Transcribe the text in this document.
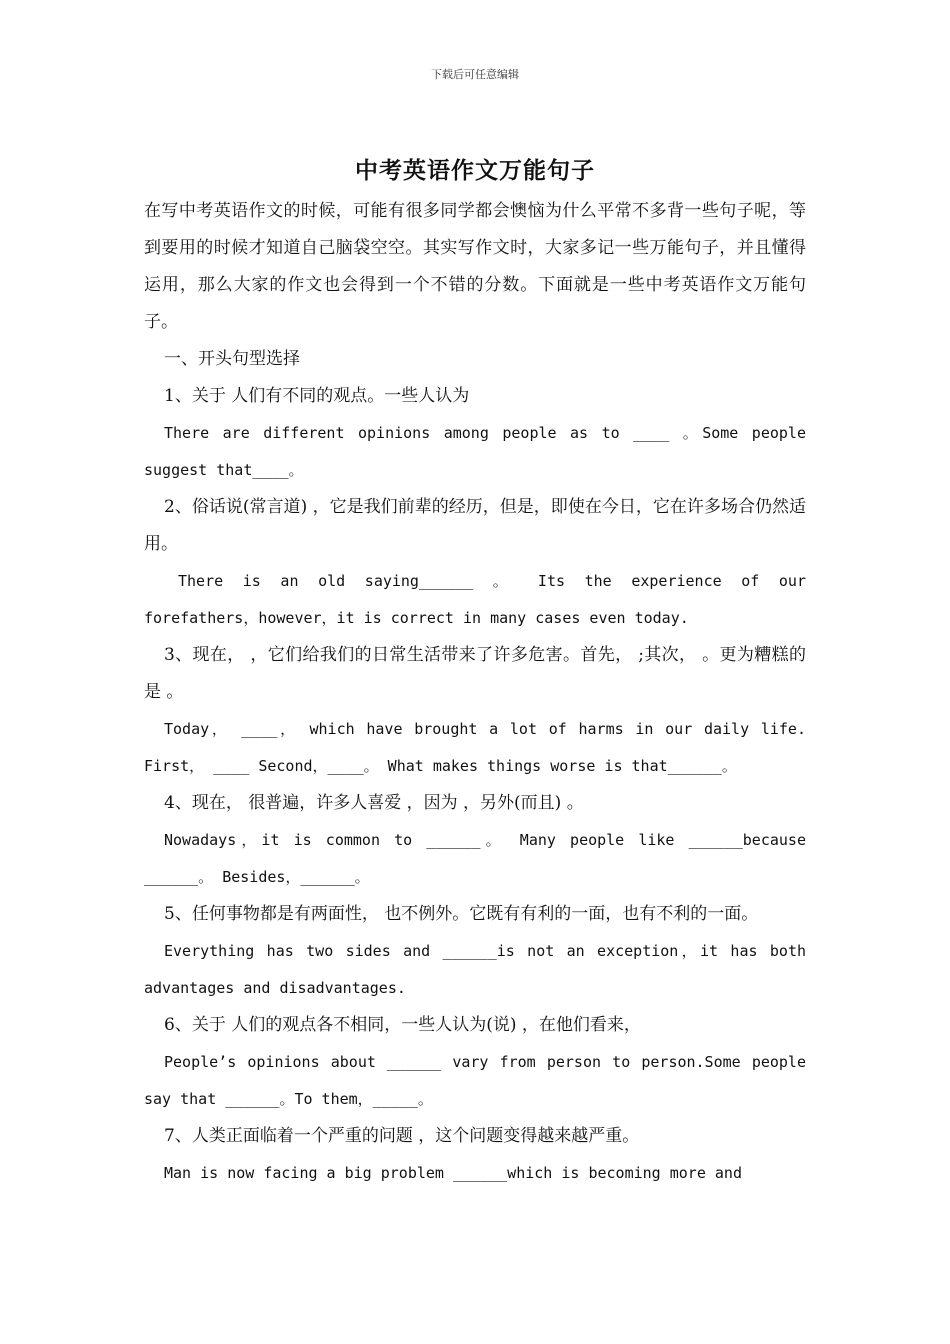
下载后可任意编辑
中考英语作文万能句子

在写中考英语作文的时候，可能有很多同学都会懊恼为什么平常不多背一些句子呢，等到要用的时候才知道自己脑袋空空。其实写作文时，大家多记一些万能句子，并且懂得运用，那么大家的作文也会得到一个不错的分数。下面就是一些中考英语作文万能句子。

一、开头句型选择

1、关于 人们有不同的观点。一些人认为

There are different opinions among people as to ____ 。Some people suggest that____。

2、俗话说(常言道) ，它是我们前辈的经历，但是，即使在今日，它在许多场合仍然适用。

There is an old saying______ 。 Its the experience of our forefathers，however，it is correct in many cases even today.

3、现在， ，它们给我们的日常生活带来了许多危害。首先， ;其次， 。更为糟糕的是 。

Today， ____， which have brought a lot of harms in our daily life. First， ____ Second，____。 What makes things worse is that______。

4、现在， 很普遍，许多人喜爱 ，因为 ，另外(而且) 。

Nowadays，it is common to ______。 Many people like ______because ______。 Besides，______。

5、任何事物都是有两面性， 也不例外。它既有有利的一面，也有不利的一面。

Everything has two sides and ______is not an exception，it has both advantages and disadvantages.

6、关于 人们的观点各不相同，一些人认为(说) ，在他们看来，

People’s opinions about ______ vary from person to person.Some people say that ______。To them，_____。

7、人类正面临着一个严重的问题 ，这个问题变得越来越严重。

Man is now facing a big problem ______which is becoming more and
